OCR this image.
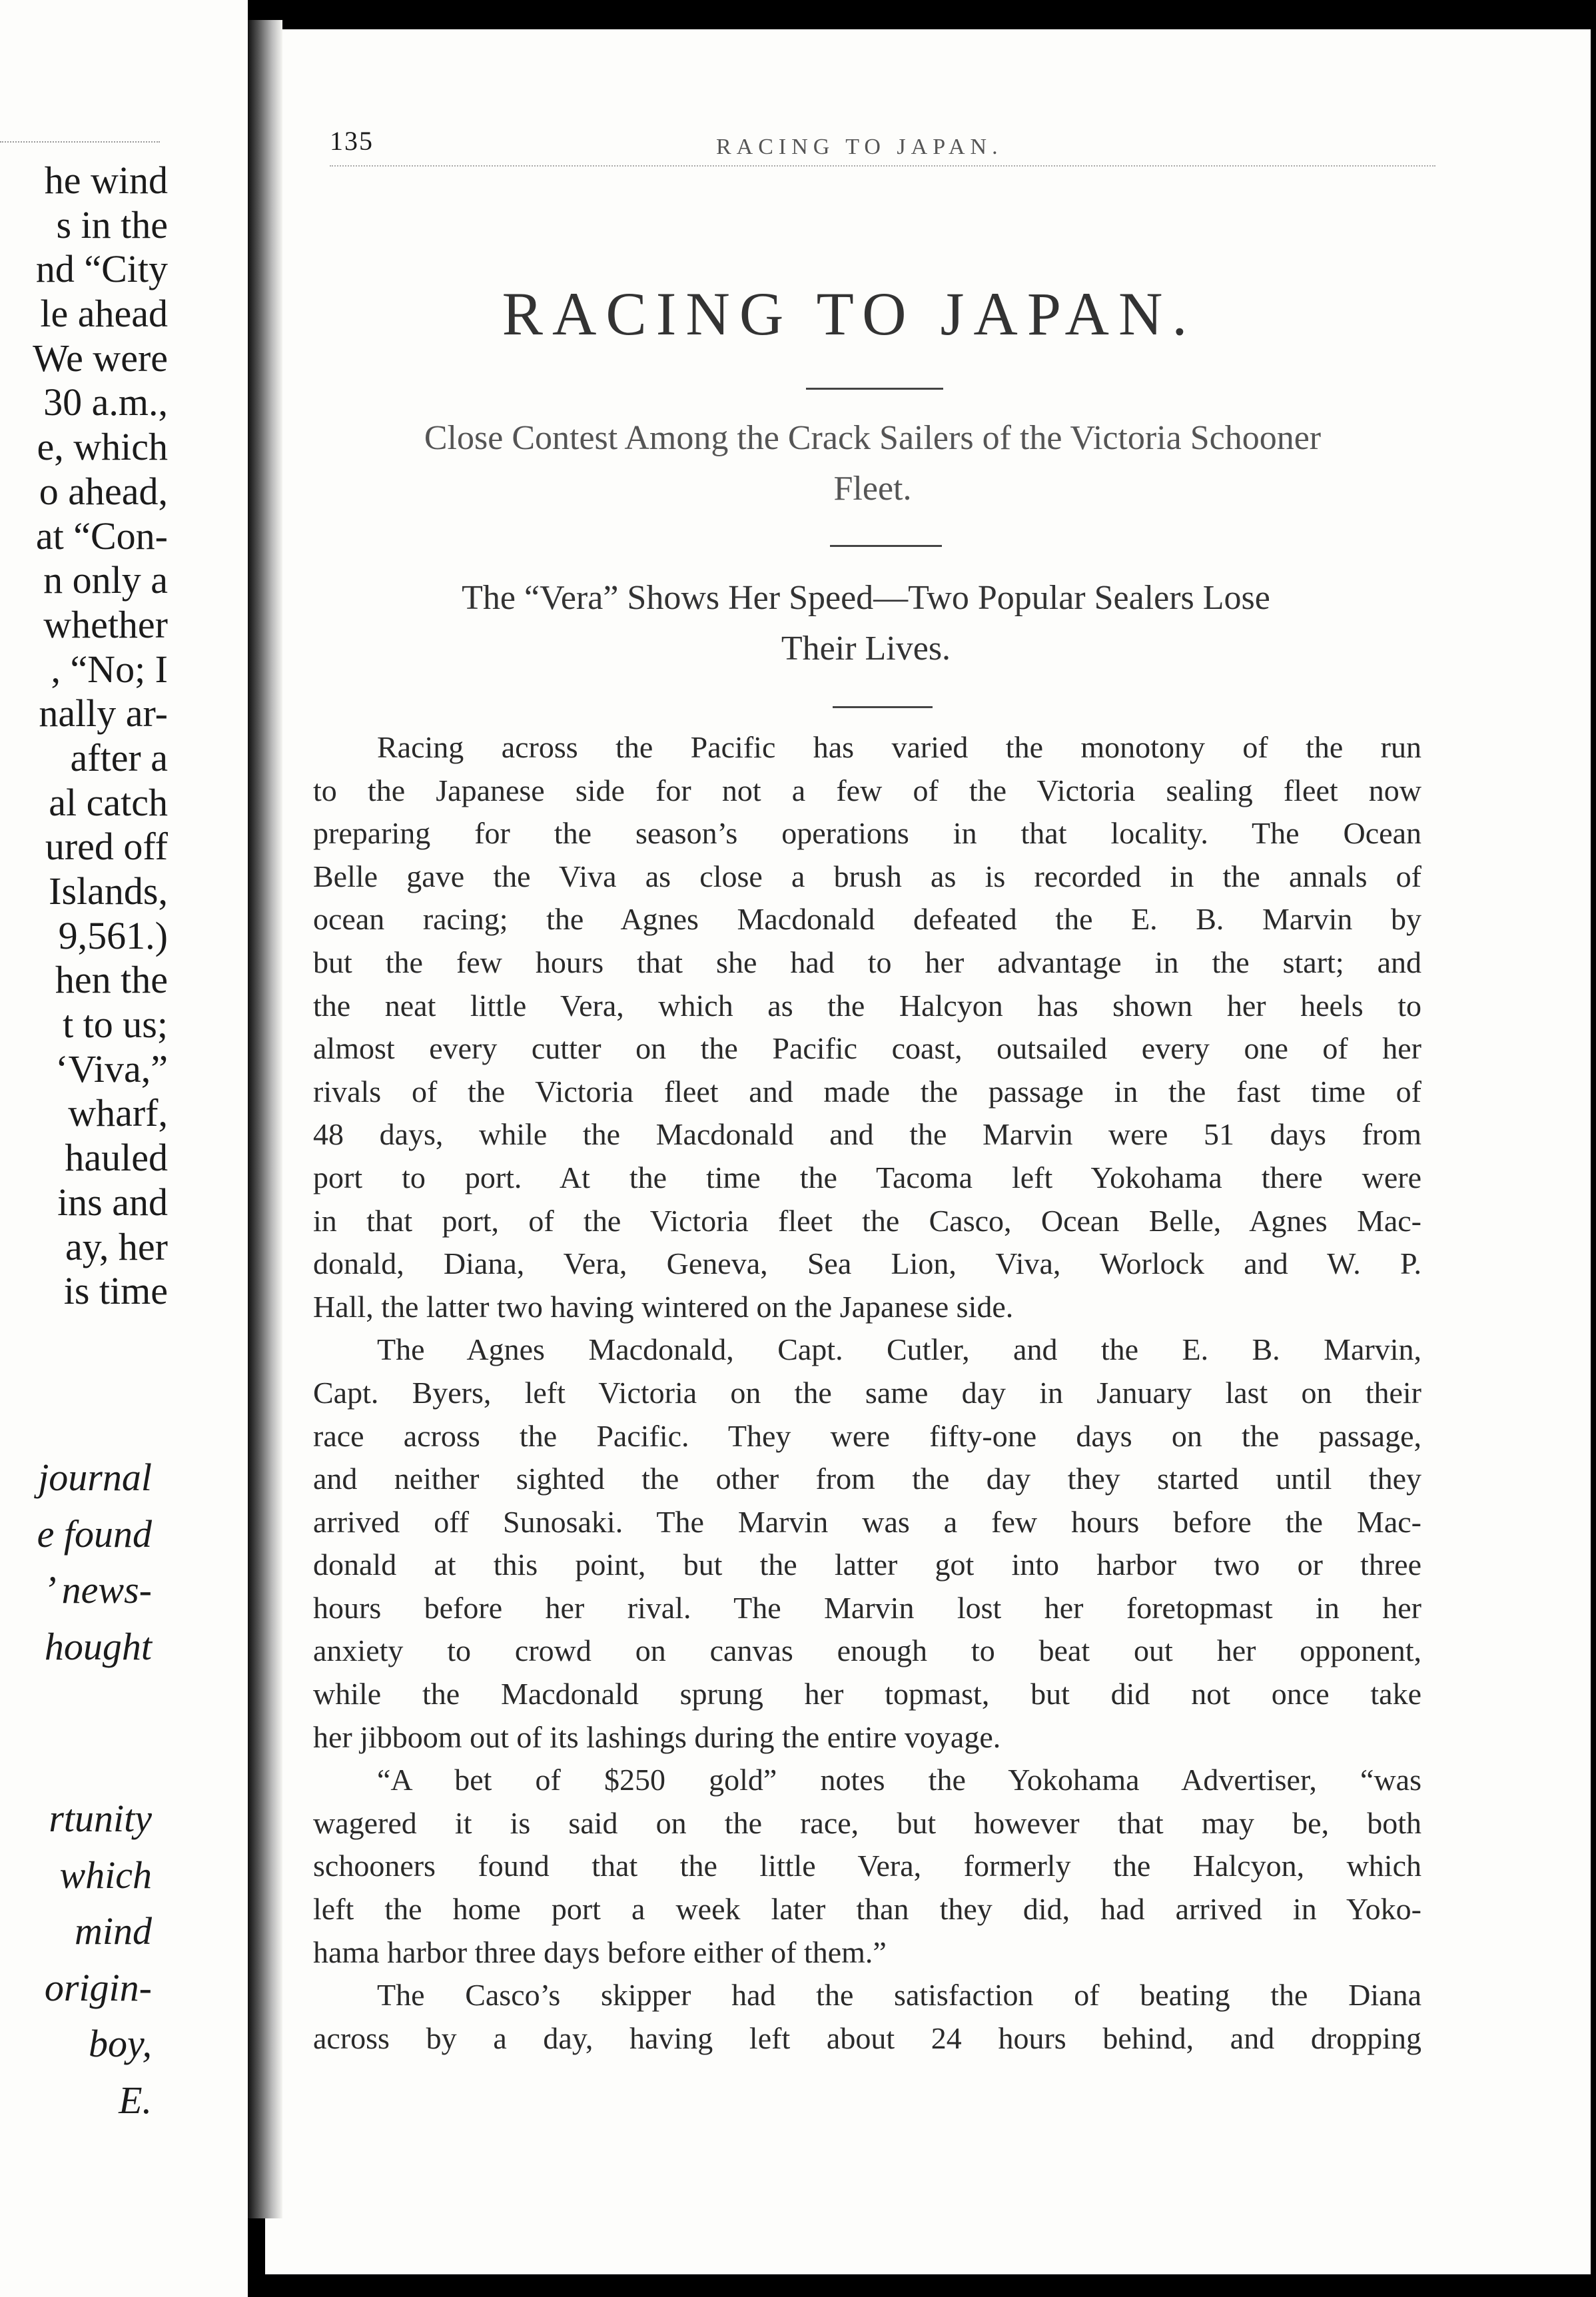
he wind
s in the
nd “City
le ahead
We were
30 a.m.,
e, which
o ahead,
at “Con-
n only a
whether
, “No; I
nally ar-
after a
al catch
ured off
Islands,
9,561.)
hen the
t to us;
‘Viva,”
wharf,
hauled
ins and
ay, her
is time
journal
e found
’ news-
hought
rtunity
which
mind
origin-
boy,
E.
135	RACING TO JAPAN.
RACING TO JAPAN.
Close Contest Among the Crack Sailers of the Victoria Schooner
Fleet.
The “Vera” Shows Her Speed—Two Popular Sealers Lose
Their Lives.
Racing across the Pacific has varied the monotony of the run
to the Japanese side for not a few of the Victoria sealing fleet now
preparing for the season’s operations in that locality. The Ocean
Belle gave the Viva as close a brush as is recorded in the annals of
ocean racing; the Agnes Macdonald defeated the E. B. Marvin by
but the few hours that she had to her advantage in the start; and
the neat little Vera, which as the Halcyon has shown her heels to
almost every cutter on the Pacific coast, outsailed every one of her
rivals of the Victoria fleet and made the passage in the fast time of
48 days, while the Macdonald and the Marvin were 51 days from
port to port. At the time the Tacoma left Yokohama there were
in that port, of the Victoria fleet the Casco, Ocean Belle, Agnes Mac-
donald, Diana, Vera, Geneva, Sea Lion, Viva, Worlock and W. P.
Hall, the latter two having wintered on the Japanese side.
The Agnes Macdonald, Capt. Cutler, and the E. B. Marvin,
Capt. Byers, left Victoria on the same day in January last on their
race across the Pacific. They were fifty-one days on the passage,
and neither sighted the other from the day they started until they
arrived off Sunosaki. The Marvin was a few hours before the Mac-
donald at this point, but the latter got into harbor two or three
hours before her rival. The Marvin lost her foretopmast in her
anxiety to crowd on canvas enough to beat out her opponent,
while the Macdonald sprung her topmast, but did not once take
her jibboom out of its lashings during the entire voyage.
“A bet of $250 gold” notes the Yokohama Advertiser, “was
wagered it is said on the race, but however that may be, both
schooners found that the little Vera, formerly the Halcyon, which
left the home port a week later than they did, had arrived in Yoko-
hama harbor three days before either of them.”
The Casco’s skipper had the satisfaction of beating the Diana
across by a day, having left about 24 hours behind, and dropping
